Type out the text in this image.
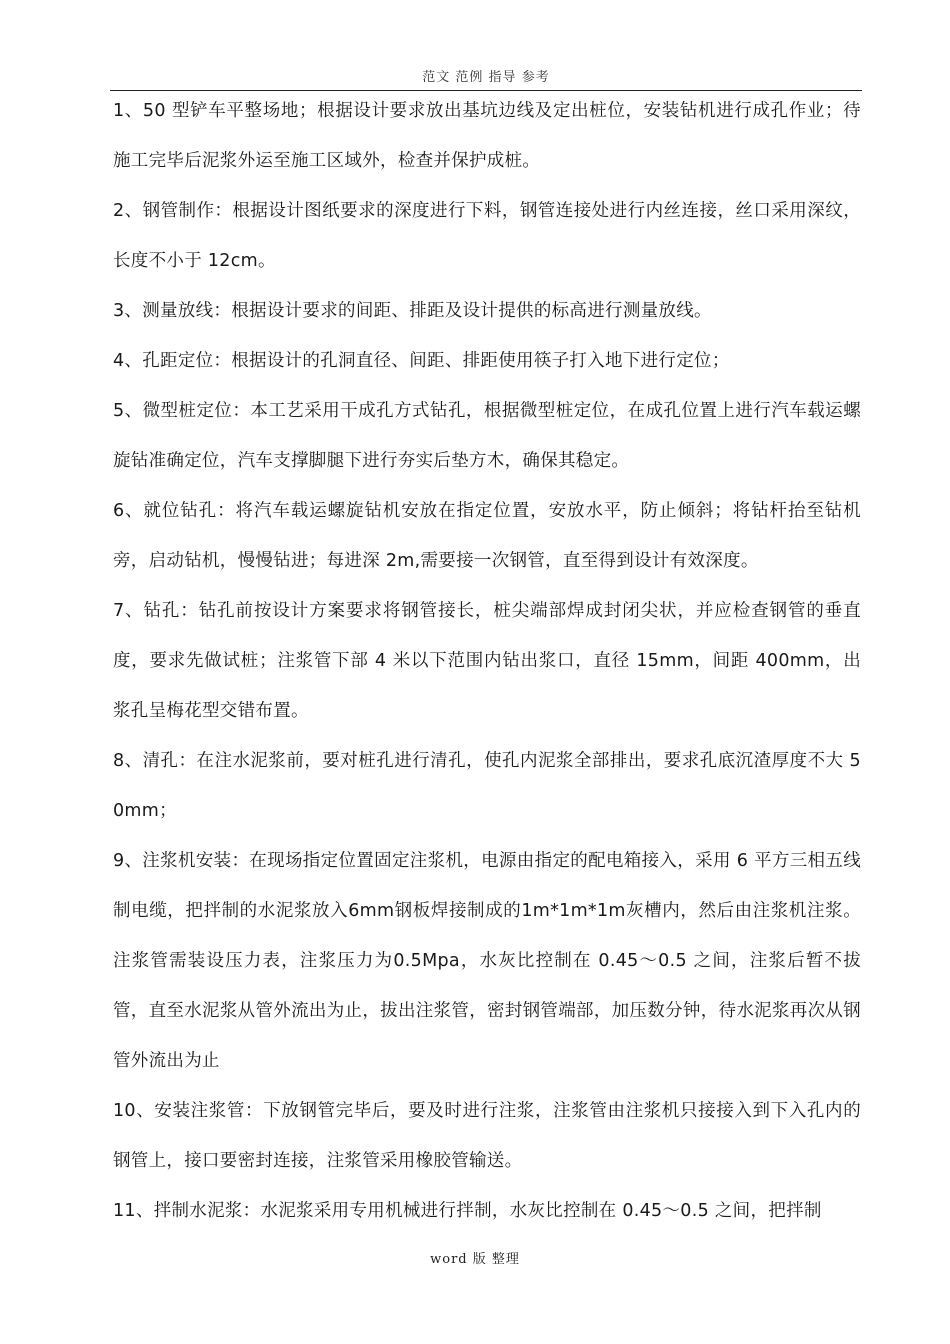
范文 范例 指导 参考

1、50 型铲车平整场地；根据设计要求放出基坑边线及定出桩位，安装钻机进行成孔作业；待施工完毕后泥浆外运至施工区域外，检查并保护成桩。

2、钢管制作：根据设计图纸要求的深度进行下料，钢管连接处进行内丝连接，丝口采用深纹，长度不小于 12cm。

3、测量放线：根据设计要求的间距、排距及设计提供的标高进行测量放线。

4、孔距定位：根据设计的孔洞直径、间距、排距使用筷子打入地下进行定位；

5、微型桩定位：本工艺采用干成孔方式钻孔，根据微型桩定位，在成孔位置上进行汽车载运螺旋钻准确定位，汽车支撑脚腿下进行夯实后垫方木，确保其稳定。

6、就位钻孔：将汽车载运螺旋钻机安放在指定位置，安放水平，防止倾斜；将钻杆抬至钻机旁，启动钻机，慢慢钻进；每进深 2m,需要接一次钢管，直至得到设计有效深度。

7、钻孔：钻孔前按设计方案要求将钢管接长，桩尖端部焊成封闭尖状，并应检查钢管的垂直度，要求先做试桩；注浆管下部 4 米以下范围内钻出浆口，直径 15mm，间距 400mm，出浆孔呈梅花型交错布置。

8、清孔：在注水泥浆前，要对桩孔进行清孔，使孔内泥浆全部排出，要求孔底沉渣厚度不大 50mm；

9、注浆机安装：在现场指定位置固定注浆机，电源由指定的配电箱接入，采用 6 平方三相五线制电缆，把拌制的水泥浆放入6mm钢板焊接制成的1m*1m*1m灰槽内，然后由注浆机注浆。注浆管需装设压力表，注浆压力为0.5Mpa，水灰比控制在 0.45～0.5 之间，注浆后暂不拔管，直至水泥浆从管外流出为止，拔出注浆管，密封钢管端部，加压数分钟，待水泥浆再次从钢管外流出为止

10、安装注浆管：下放钢管完毕后，要及时进行注浆，注浆管由注浆机只接接入到下入孔内的钢管上，接口要密封连接，注浆管采用橡胶管输送。

11、拌制水泥浆：水泥浆采用专用机械进行拌制，水灰比控制在 0.45～0.5 之间，把拌制

word 版 整理
